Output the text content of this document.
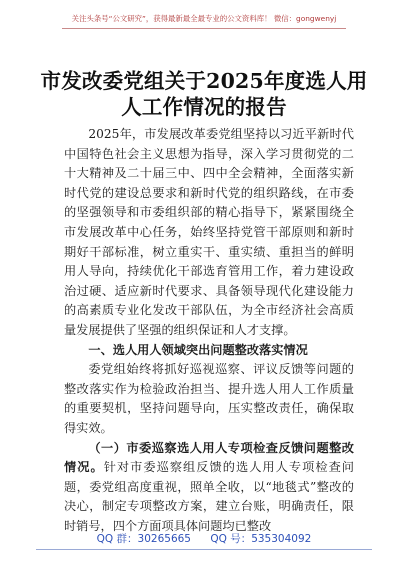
关注头条号“公文研究”，获得最新最全最专业的公文资料库！ 微信：gongwenyj
市发改委党组关于2025年度选人用人工作情况的报告

2025年，市发展改革委党组坚持以习近平新时代中国特色社会主义思想为指导，深入学习贯彻党的二十大精神及二十届三中、四中全会精神，全面落实新时代党的建设总要求和新时代党的组织路线，在市委的坚强领导和市委组织部的精心指导下，紧紧围绕全市发展改革中心任务，始终坚持党管干部原则和新时期好干部标准，树立重实干、重实绩、重担当的鲜明用人导向，持续优化干部选育管用工作，着力建设政治过硬、适应新时代要求、具备领导现代化建设能力的高素质专业化发改干部队伍，为全市经济社会高质量发展提供了坚强的组织保证和人才支撑。

一、选人用人领域突出问题整改落实情况

委党组始终将抓好巡视巡察、评议反馈等问题的整改落实作为检验政治担当、提升选人用人工作质量的重要契机，坚持问题导向，压实整改责任，确保取得实效。

（一）市委巡察选人用人专项检查反馈问题整改情况。针对市委巡察组反馈的选人用人专项检查问题，委党组高度重视，照单全收，以“地毯式”整改的决心，制定专项整改方案，建立台账，明确责任，限时销号，四个方面项具体问题均已整改

QQ 群：30265665 QQ 号：535304092
